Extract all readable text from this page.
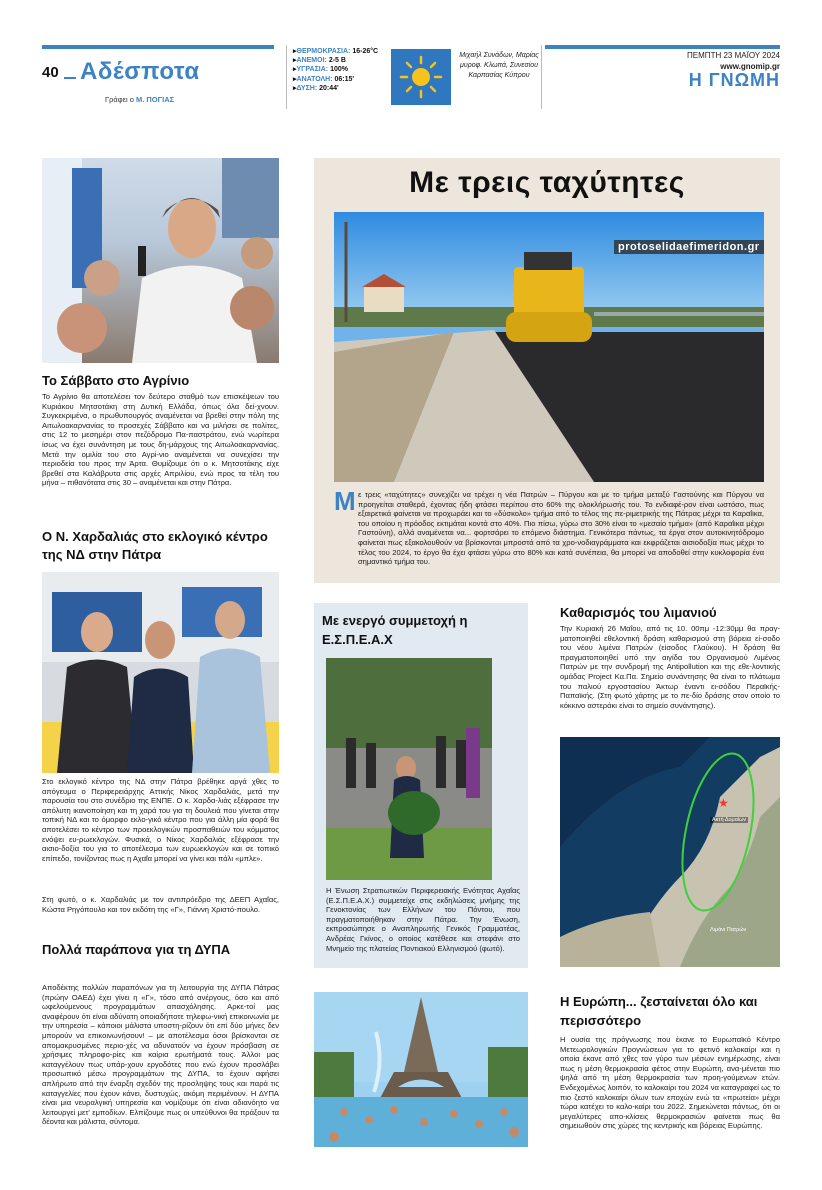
40 Αδέσποτα
Γράφει ο Μ. ΠΟΓΙΑΣ
▸ΘΕΡΜΟΚΡΑΣΙΑ: 16-26°C
▸ΑΝΕΜΟΙ: 2-5 B
▸ΥΓΡΑΣΙΑ: 100%
▸ΑΝΑΤΟΛΗ: 06:15'
▸ΔΥΣΗ: 20:44'
Μιχαήλ Συνάδων, Μαρίας μυροφ. Κλωπά, Συνεσίου Καρπασίας Κύπρου
ΠΕΜΠΤΗ 23 ΜΑΪΟΥ 2024
www.gnomip.gr
Η ΓΝΩΜΗ
Το Σάββατο στο Αγρίνιο
Το Αγρίνιο θα αποτελέσει τον δεύτερο σταθμό των επισκέψεων του Κυριάκου Μητσοτάκη στη Δυτική Ελλάδα, όπως όλα δεί-χνουν. Συγκεκριμένα, ο πρωθυπουργός αναμένεται να βρεθεί στην πόλη της Αιτωλοακαρνανίας το προσεχές Σάββατο και να μιλήσει σε πολίτες, στις 12 το μεσημέρι στον πεζόδρομο Πα-παστράτου, ενώ νωρίτερα ίσως να έχει συνάντηση με τους δη-μάρχους της Αιτωλοακαρνανίας. Μετά την ομιλία του στο Αγρί-νιο αναμένεται να συνεχίσει την περιοδεία του προς την Άρτα. Θυμίζουμε ότι ο κ. Μητσοτάκης είχε βρεθεί στα Καλάβρυτα στις αρχές Απριλίου, ενώ προς τα τέλη του μήνα – πιθανότατα στις 30 – αναμένεται και στην Πάτρα.
Ο Ν. Χαρδαλιάς στο εκλογικό κέντρο της ΝΔ στην Πάτρα
Στο εκλογικό κέντρο της ΝΔ στην Πάτρα βρέθηκε αργά χθες το απόγευμα ο Περιφερειάρχης Αττικής Νίκος Χαρδαλιάς, μετά την παρουσία του στο συνέδριο της ΕΝΠΕ. Ο κ. Χαρδα-λιάς εξέφρασε την απόλυτη ικανοποίηση και τη χαρά του για τη δουλειά που γίνεται στην τοπική ΝΔ και το όμορφο εκλο-γικό κέντρο που για άλλη μία φορά θα αποτελέσει το κέντρο των προεκλογικών προσπαθειών του κόμματος ενόψει ευ-ρωεκλογών. Φυσικά, ο Νίκος Χαρδαλιάς εξέφρασε την αισιο-δοξία του για το αποτέλεσμα των ευρωεκλογών και σε τοπικό επίπεδο, τονίζοντας πως η Αχαΐα μπορεί να γίνει και πάλι «μπλε».
Στη φωτό, ο κ. Χαρδαλιάς με τον αντιπρόεδρο της ΔΕΕΠ Αχαΐας, Κώστα Ρηγόπουλο και τον εκδότη της «Γ», Γιάννη Χριστό-πουλο.
Πολλά παράπονα για τη ΔΥΠΑ
Αποδέκτης πολλών παραπόνων για τη λειτουργία της ΔΥΠΑ Πάτρας (πρώην ΟΑΕΔ) έχει γίνει η «Γ», τόσο από ανέργους, όσο και από ωφελούμενους προγραμμάτων απασχόλησης. Αρκε-τοί μας αναφέρουν ότι είναι αδύνατη οποιαδήποτε τηλεφω-νική επικοινωνία με την υπηρεσία – κάποιοι μάλιστα υποστη-ρίζουν ότι επί δύο μήνες δεν μπορούν να επικοινωνήσουν! – με αποτέλεσμα όσοι βρίσκονται σε απομακρυσμένες περιο-χές να αδυνατούν να έχουν πρόσβαση σε χρήσιμες πληροφο-ρίες και καίρια ερωτήματά τους. Άλλοι μας καταγγέλουν πως υπάρ-χουν εργοδότες που ενώ έχουν προσλάβει προσωπικό μέσω προγραμμάτων της ΔΥΠΑ, το έχουν αφήσει απλήρωτο από την έναρξη σχεδόν της προσληψης τους και παρά τις καταγγελίες που έχουν κάνει, δυστυχώς, ακόμη περιμένουν. Η ΔΥΠΑ είναι μια νευραλγική υπηρεσία και νομίζουμε ότι είναι αδιανόητο να λειτουργεί μετ' εμποδίων. Ελπίζουμε πως οι υπεύθυνοι θα πράξουν τα δέοντα και μάλιστα, σύντομα.
Με τρεις ταχύτητες
protoselidaefimeridon.gr
Μ ε τρεις «ταχύτητες» συνεχίζει να τρέχει η νέα Πατρών – Πύργου και με το τμήμα μεταξύ Γαστούνης και Πύργου να προηγείται σταθερά, έχοντας ήδη φτάσει περίπου στο 60% της ολοκλήρωσής του. Το ενδιαφέ-ρον είναι ωστόσο, πως εξαιρετικά φαίνεται να προχωράει και το «δύσκολο» τμήμα από το τέλος της πε-ριμετρικής της Πάτρας μέχρι τα Καραΐικα, του οποίου η πρόοδος εκτιμάται κοντά στο 40%. Πιο πίσω, γύρω στο 30% είναι το «μεσαίο τμήμα» (από Καραΐικα μέχρι Γαστούνη), αλλά αναμένεται να... φορτσάρει το επόμενο διάστημα. Γενικότερα πάντως, τα έργα στον αυτοκινητόδρομο φαίνεται πως εξακολουθούν να βρίσκονται μπροστά από τα χρο-νοδιαγράμματα και εκφράζεται αισιοδοξία πως μέχρι το τέλος του 2024, το έργο θα έχει φτάσει γύρω στο 80% και κατά συνέπεια, θα μπορεί να αποδοθεί στην κυκλοφορία ένα σημαντικό τμήμα του.
Με ενεργό συμμετοχή η Ε.Σ.Π.Ε.Α.Χ
Η Ένωση Στρατιωτικών Περιφερειακής Ενότητας Αχαΐας (Ε.Σ.Π.Ε.Α.Χ.) συμμετείχε στις εκδηλώσεις μνήμης της Γενοκτονίας των Ελλήνων του Πόντου, που πραγματοποιήθηκαν στην Πάτρα. Την Ένωση, εκπροσώπησε ο Αναπληρωτής Γενικός Γραμματέας, Ανδρέας Γκίνος, ο οποίος κατέθεσε και στεφάνι στο Μνημείο της πλατείας Ποντιακού Ελληνισμού (φωτό).
Καθαρισμός του λιμανιού
Την Κυριακή 26 Μαΐου, από τις 10. 00πμ -12:30μμ θα πραγ-ματοποιηθεί εθελοντική δράση καθαρισμού στη βόρεια εί-σοδο του νέου λιμένα Πατρών (είσοδος Γλαύκου). Η δράση θα πραγματοποιηθεί υπό την αιγίδα του Οργανισμού Λιμένος Πατρών με την συνδρομή της Antipollution και της εθε-λοντικής ομάδας Project Κα.Πα. Σημείο συνάντησης θα είναι το πλάτωμα του παλιού εργοστασίου Άκτωρ έναντι ει-σόδου Περαϊκής-Παπαϊκής. (Στη φωτό χάρτης με το πε-δίο δράσης στον οποίο το κόκκινο αστεράκι είναι το σημείο συνάντησης).
★
Ακτή Δυμαίων
Λιμάνι Πατρών
Η Ευρώπη... ζεσταίνεται όλο και περισσότερο
Η ουσία της πρόγνωσης που έκανε το Ευρωπαϊκό Κέντρο Μετεωρολογικών Προγνώσεων για το φετινό καλοκαίρι και η οποία έκανε από χθες τον γύρο των μέσων ενημέρωσης, είναι πως η μέση θερμοκρασία φέτος στην Ευρώπη, ανα-μένεται πιο ψηλά από τη μέση θερμοκρασία των προη-γούμενων ετών. Ενδεχομένως λοιπόν, το καλοκαίρι του 2024 να καταγραφεί ως το πιο ζεστό καλοκαίρι όλων των εποχών ενώ τα «πρωτεία» μέχρι τώρα κατέχει το καλο-καίρι του 2022. Σημειώνεται πάντως, ότι οι μεγαλύτερες απο-κλίσεις θερμοκρασιών φαίνεται πως θα σημειωθούν στις χώρες της κεντρικής και βόρειας Ευρώπης.
